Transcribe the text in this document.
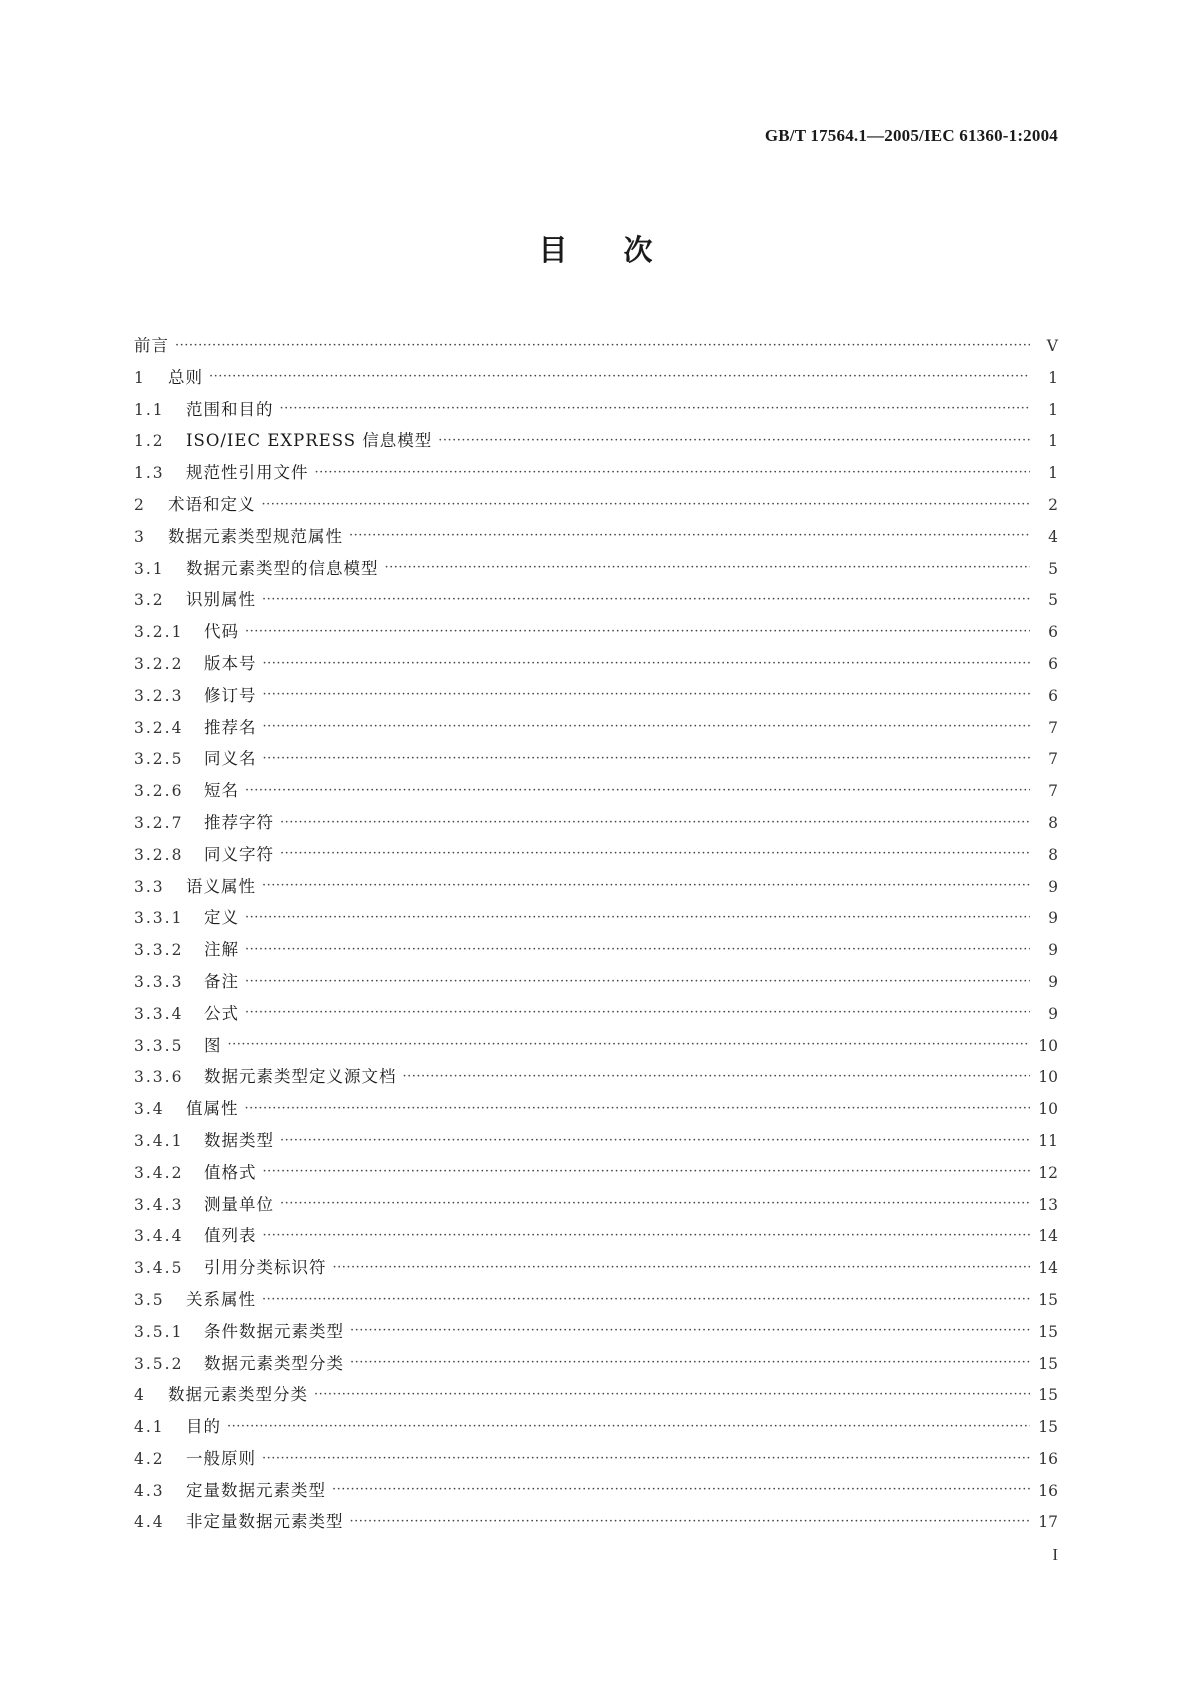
GB/T 17564.1—2005/IEC 61360-1:2004
目次
前言 ·····	V
1	总则 ·····	1
1.1	范围和目的 ·····	1
1.2	ISO/IEC EXPRESS 信息模型 ·····	1
1.3	规范性引用文件 ·····	1
2	术语和定义 ·····	2
3	数据元素类型规范属性 ·····	4
3.1	数据元素类型的信息模型 ·····	5
3.2	识别属性 ·····	5
3.2.1	代码 ·····	6
3.2.2	版本号 ·····	6
3.2.3	修订号 ·····	6
3.2.4	推荐名 ·····	7
3.2.5	同义名 ·····	7
3.2.6	短名 ·····	7
3.2.7	推荐字符 ·····	8
3.2.8	同义字符 ·····	8
3.3	语义属性 ·····	9
3.3.1	定义 ·····	9
3.3.2	注解 ·····	9
3.3.3	备注 ·····	9
3.3.4	公式 ·····	9
3.3.5	图 ·····	10
3.3.6	数据元素类型定义源文档 ·····	10
3.4	值属性 ·····	10
3.4.1	数据类型 ·····	11
3.4.2	值格式 ·····	12
3.4.3	测量单位 ·····	13
3.4.4	值列表 ·····	14
3.4.5	引用分类标识符 ·····	14
3.5	关系属性 ·····	15
3.5.1	条件数据元素类型 ·····	15
3.5.2	数据元素类型分类 ·····	15
4	数据元素类型分类 ·····	15
4.1	目的 ·····	15
4.2	一般原则 ·····	16
4.3	定量数据元素类型 ·····	16
4.4	非定量数据元素类型 ·····	17
I
